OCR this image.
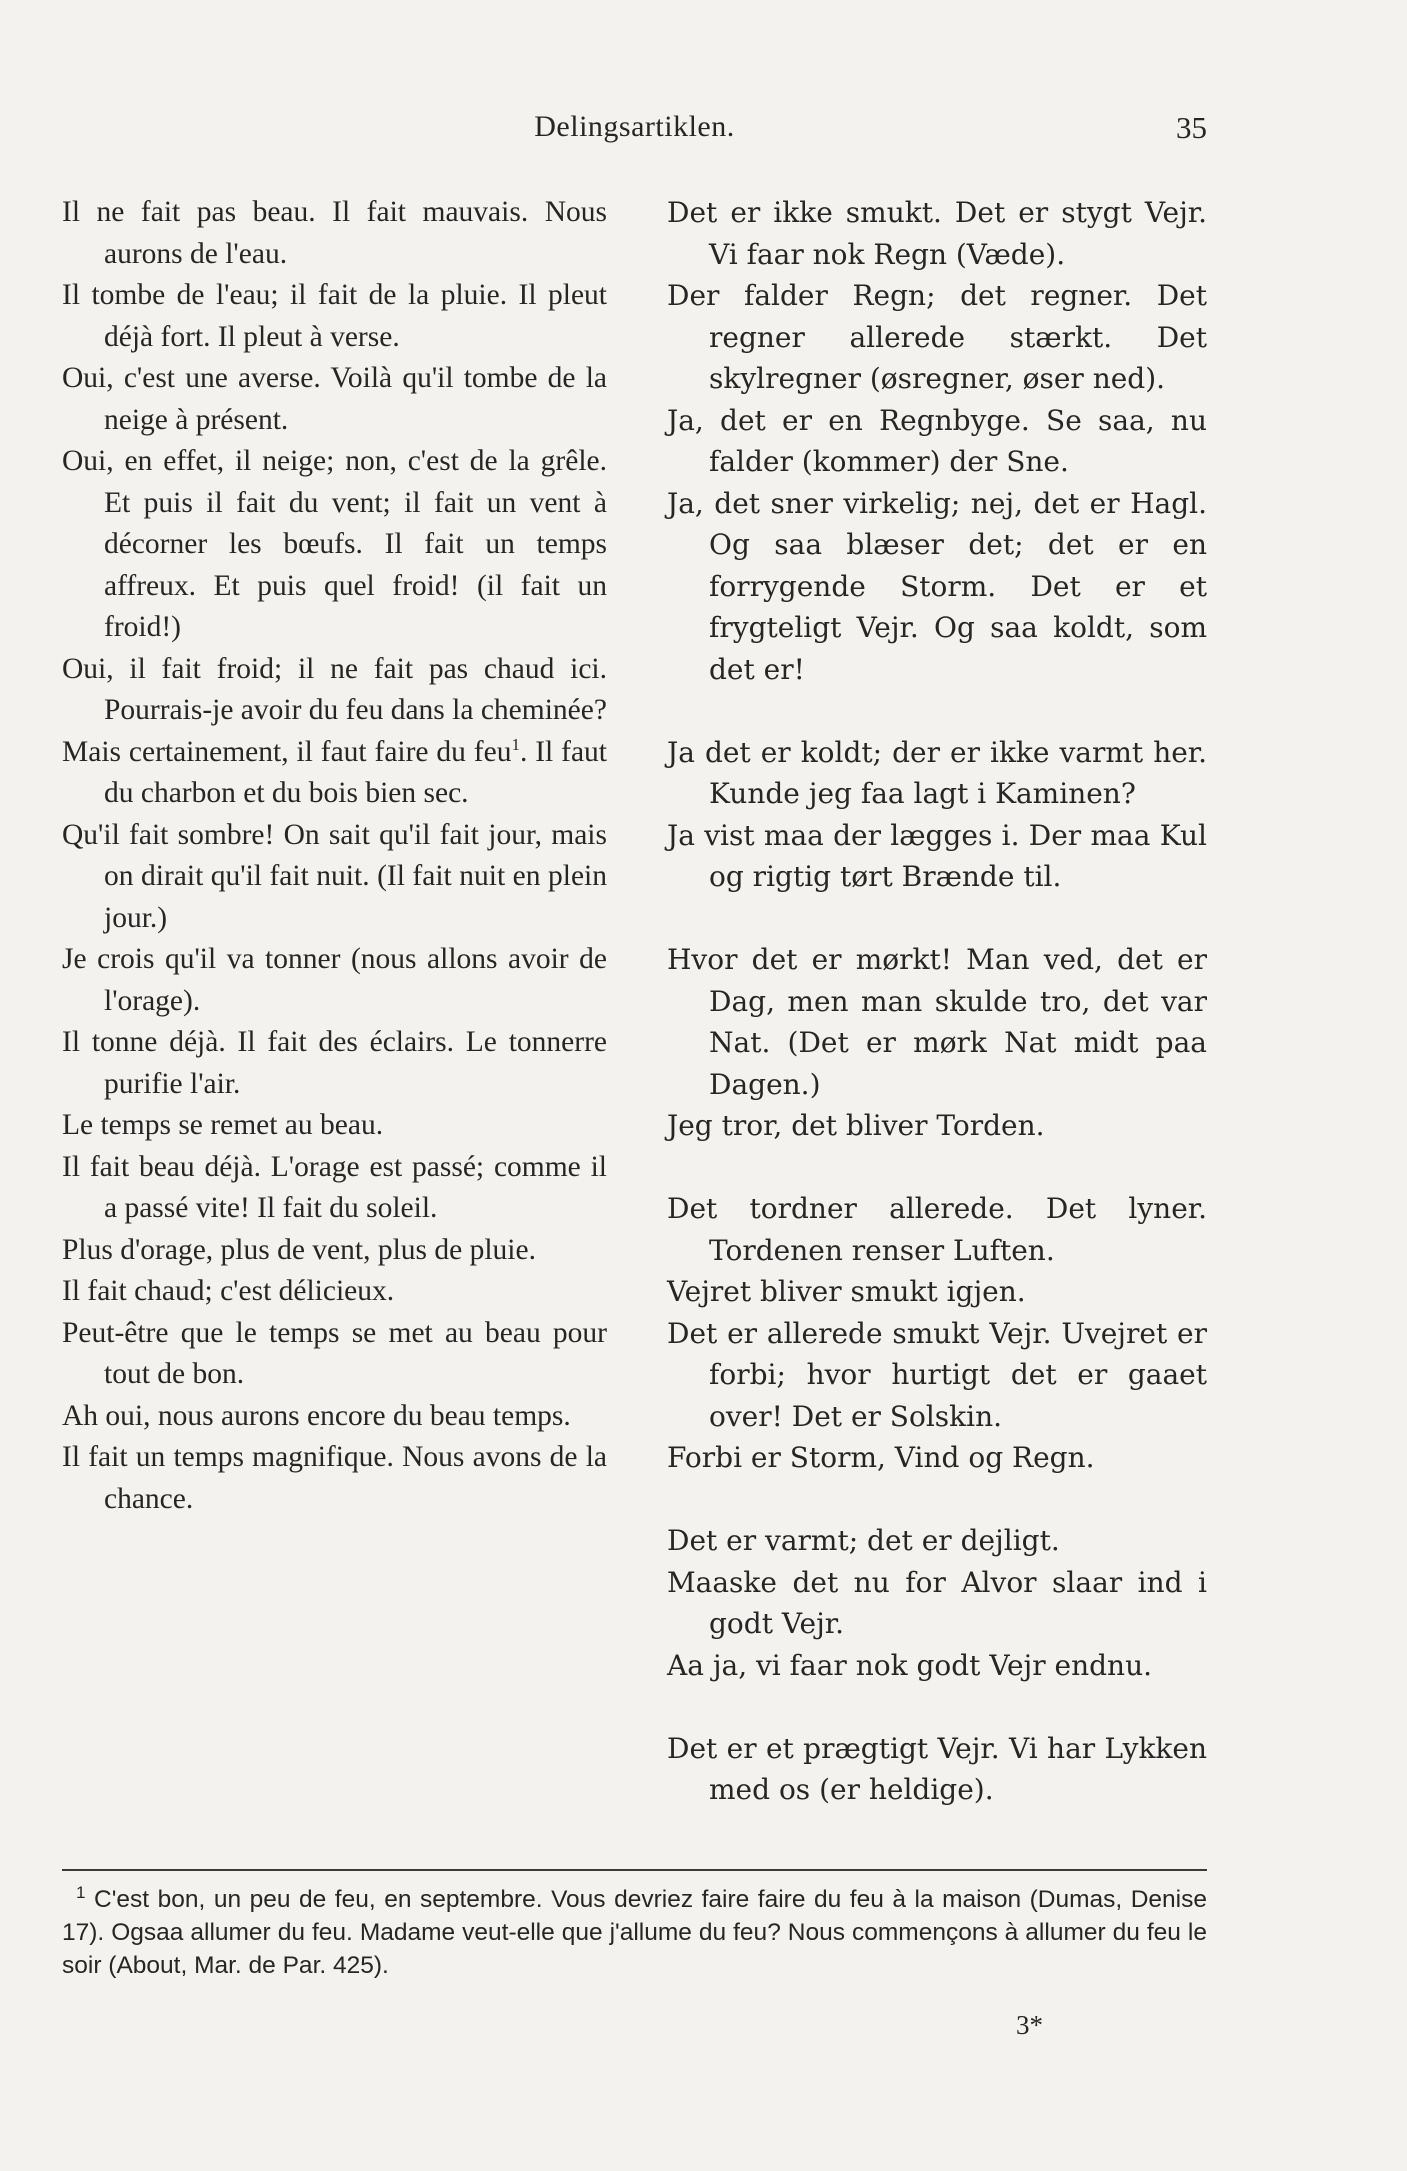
Delingsartiklen.	35

Il ne fait pas beau. Il fait mauvais. Nous aurons de l'eau.

Il tombe de l'eau; il fait de la pluie. Il pleut déjà fort. Il pleut à verse.

Oui, c'est une averse. Voilà qu'il tombe de la neige à présent.

Oui, en effet, il neige; non, c'est de la grêle. Et puis il fait du vent; il fait un vent à décorner les bœufs. Il fait un temps affreux. Et puis quel froid! (il fait un froid!)

Oui, il fait froid; il ne fait pas chaud ici. Pourrais-je avoir du feu dans la cheminée?

Mais certainement, il faut faire du feu$^1$. Il faut du charbon et du bois bien sec.

Qu'il fait sombre! On sait qu'il fait jour, mais on dirait qu'il fait nuit. (Il fait nuit en plein jour.)

Je crois qu'il va tonner (nous allons avoir de l'orage).

Il tonne déjà. Il fait des éclairs. Le tonnerre purifie l'air.

Le temps se remet au beau.

Il fait beau déjà. L'orage est passé; comme il a passé vite! Il fait du soleil.

Plus d'orage, plus de vent, plus de pluie.

Il fait chaud; c'est délicieux.

Peut-être que le temps se met au beau pour tout de bon.

Ah oui, nous aurons encore du beau temps.

Il fait un temps magnifique. Nous avons de la chance.

Det er ikke smukt. Det er stygt Vejr. Vi faar nok Regn (Væde).

Der falder Regn; det regner. Det regner allerede stærkt. Det skylregner (øsregner, øser ned).

Ja, det er en Regnbyge. Se saa, nu falder (kommer) der Sne.

Ja, det sner virkelig; nej, det er Hagl. Og saa blæser det; det er en forrygende Storm. Det er et frygteligt Vejr. Og saa koldt, som det er!

Ja det er koldt; der er ikke varmt her. Kunde jeg faa lagt i Kaminen?

Ja vist maa der lægges i. Der maa Kul og rigtig tørt Brænde til.

Hvor det er mørkt! Man ved, det er Dag, men man skulde tro, det var Nat. (Det er mørk Nat midt paa Dagen.)

Jeg tror, det bliver Torden.

Det tordner allerede. Det lyner. Tordenen renser Luften.

Vejret bliver smukt igjen.

Det er allerede smukt Vejr. Uvejret er forbi; hvor hurtigt det er gaaet over! Det er Solskin.

Forbi er Storm, Vind og Regn.

Det er varmt; det er dejligt.

Maaske det nu for Alvor slaar ind i godt Vejr.

Aa ja, vi faar nok godt Vejr endnu.

Det er et prægtigt Vejr. Vi har Lykken med os (er heldige).

$^1$ C'est bon, un peu de feu, en septembre. Vous devriez faire faire du feu à la maison (Dumas, Denise 17). Ogsaa allumer du feu. Madame veut-elle que j'allume du feu? Nous commençons à allumer du feu le soir (About, Mar. de Par. 425).
3*
